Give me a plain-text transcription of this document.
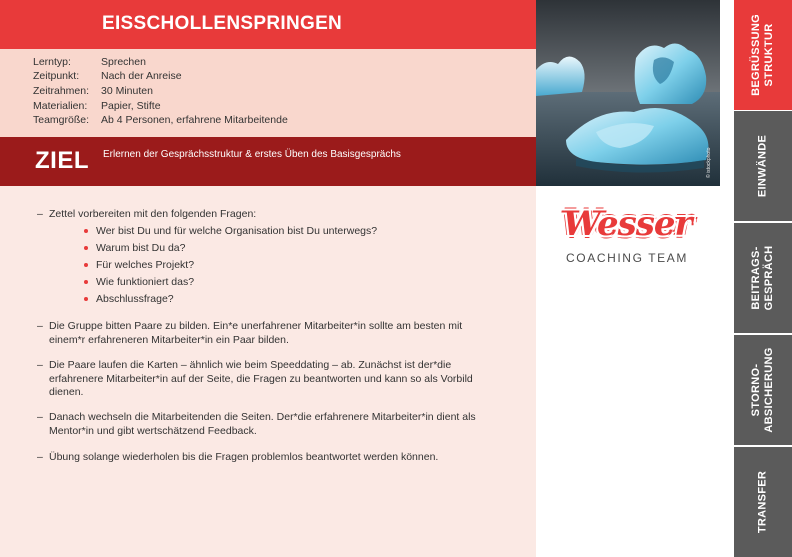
EISSCHOLLENSPRINGEN
Lerntyp:	Sprechen
Zeitpunkt: Nach der Anreise
Zeitrahmen: 30 Minuten
Materialien: Papier, Stifte
Teamgröße: Ab 4 Personen, erfahrene Mitarbeitende
ZIEL Erlernen der Gesprächsstruktur & erstes Üben des Basisgesprächs
– Zettel vorbereiten mit den folgenden Fragen:
Wer bist Du und für welche Organisation bist Du unterwegs?
Warum bist Du da?
Für welches Projekt?
Wie funktioniert das?
Abschlussfrage?
– Die Gruppe bitten Paare zu bilden. Ein*e unerfahrener Mitarbeiter*in sollte am besten mit einem*r erfahreneren Mitarbeiter*in ein Paar bilden.
– Die Paare laufen die Karten – ähnlich wie beim Speeddating – ab. Zunächst ist der*die erfahrenere Mitarbeiter*in auf der Seite, die Fragen zu beantworten und kann so als Vorbild dienen.
– Danach wechseln die Mitarbeitenden die Seiten. Der*die erfahrenere Mitarbeiter*in dient als Mentor*in und gibt wertschätzend Feedback.
– Übung solange wiederholen bis die Fragen problemlos beantwortet werden können.
© istockphoto
Wesser
COACHING TEAM
BEGRÜSSUNG STRUKTUR
EINWÄNDE
BEITRAGS- GESPRÄCH
STORNO- ABSICHERUNG
TRANSFER
